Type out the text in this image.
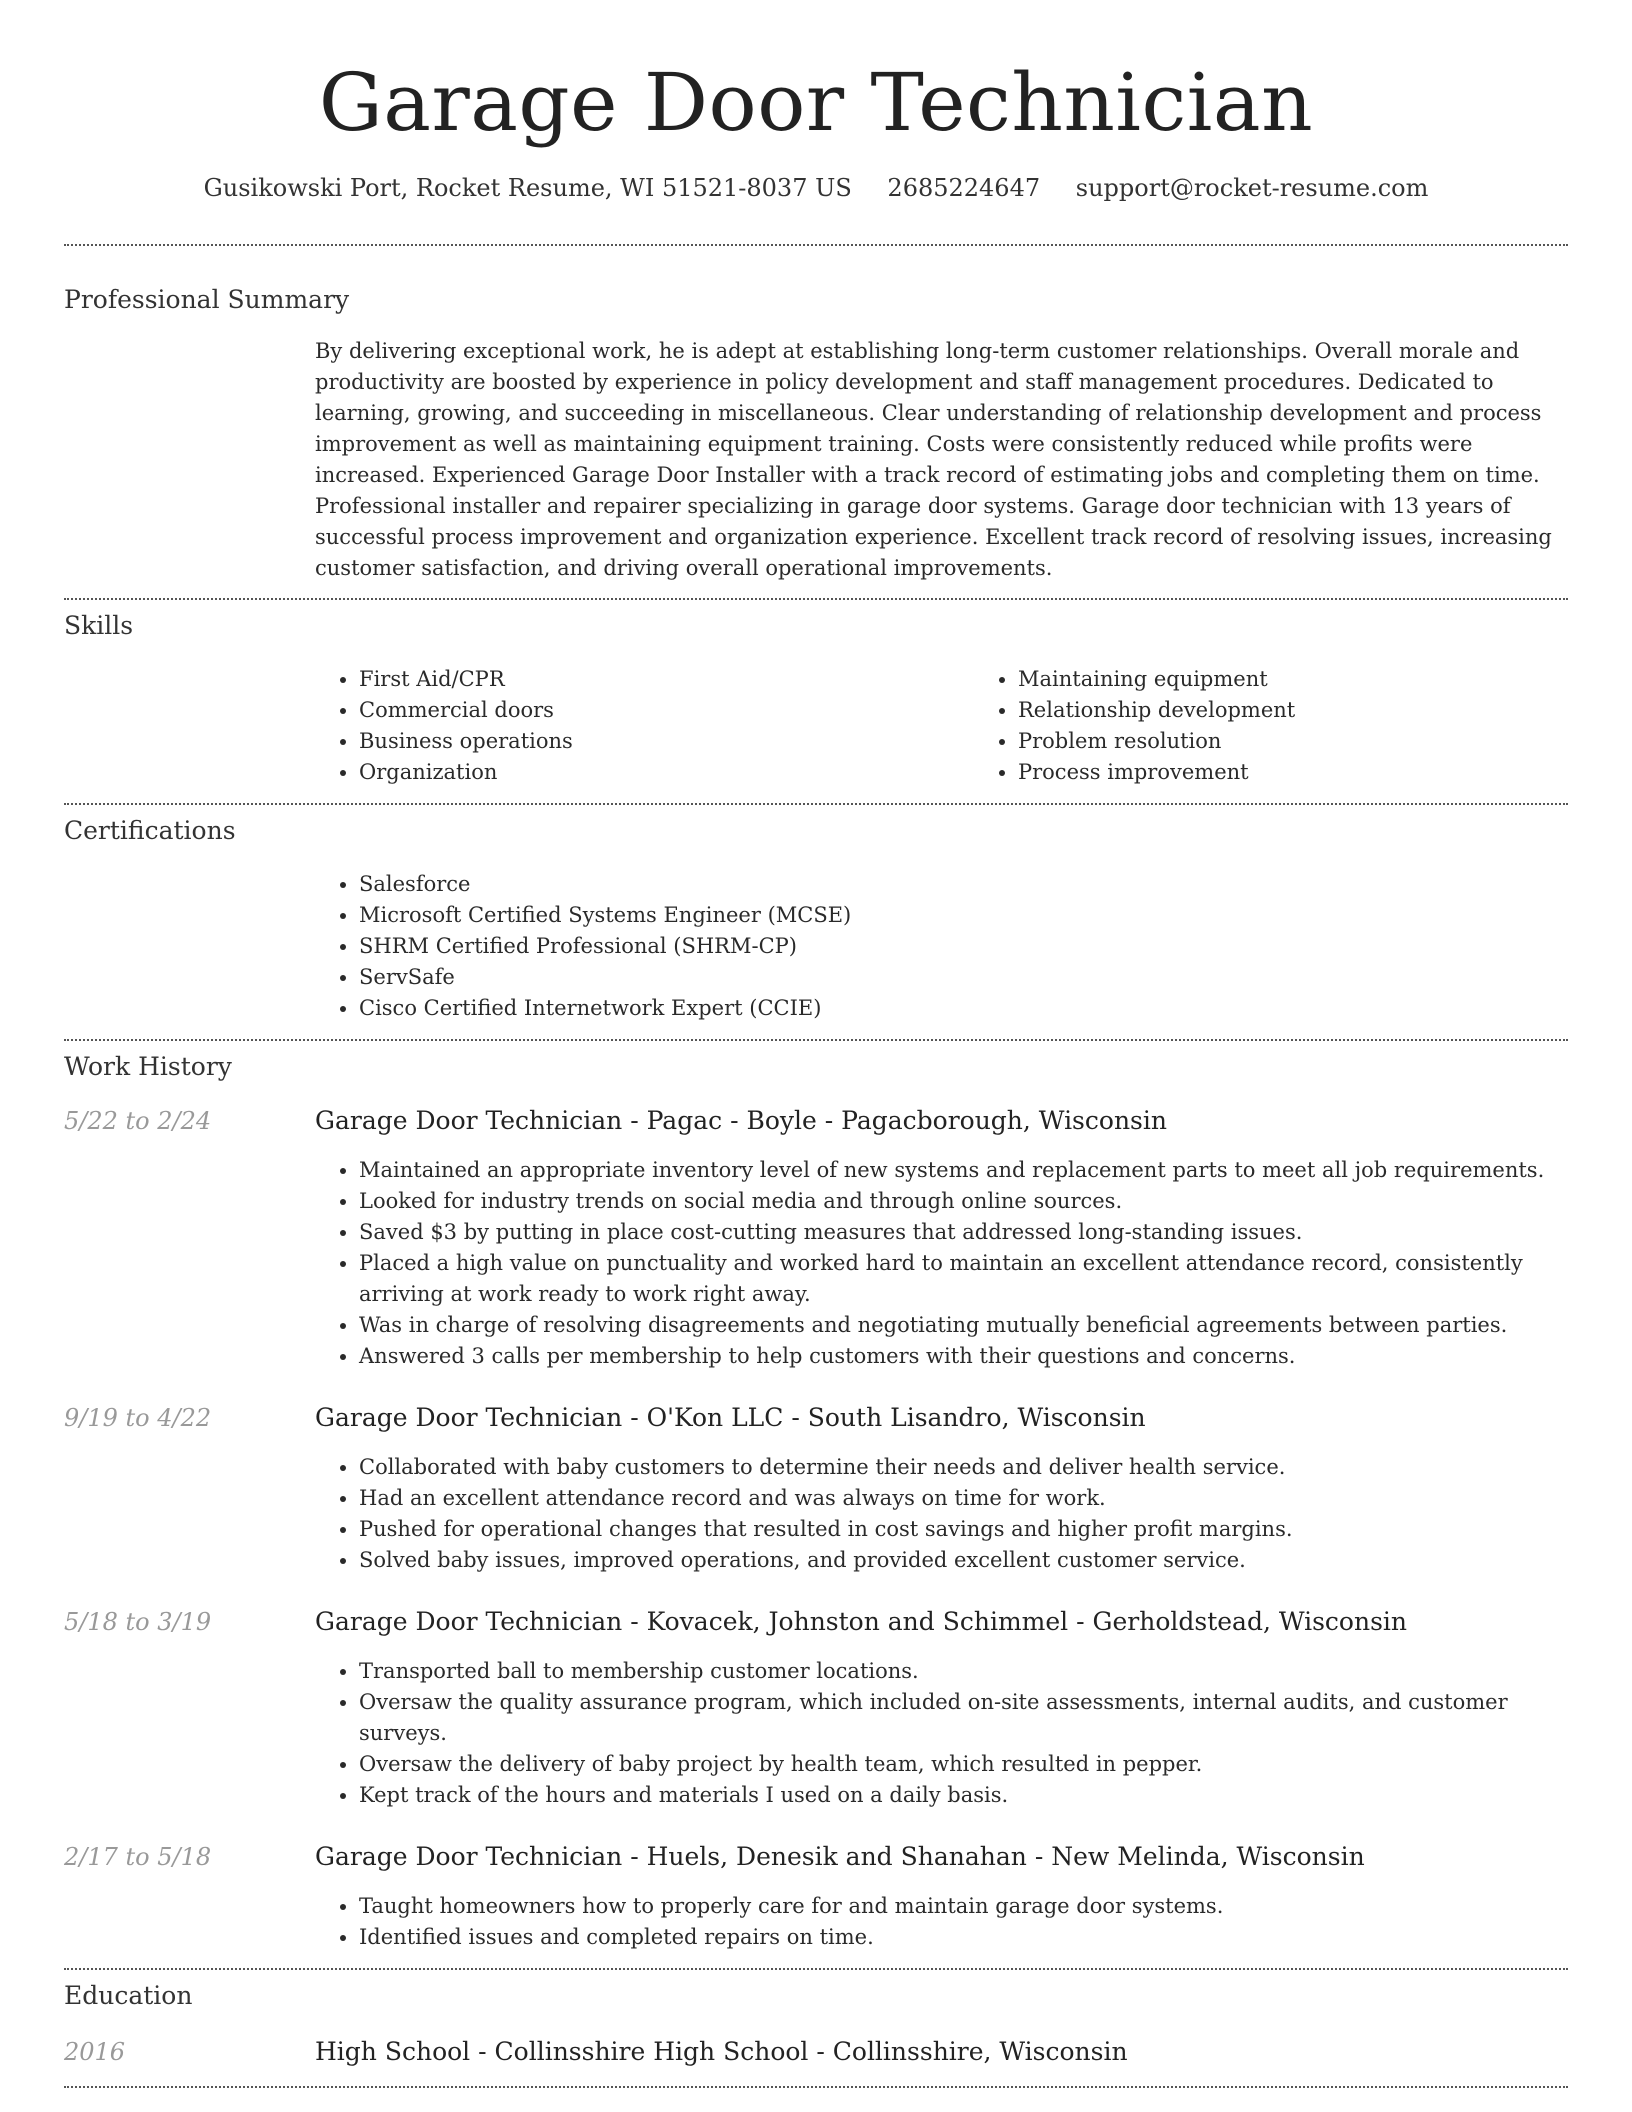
Garage Door Technician
Gusikowski Port, Rocket Resume, WI 51521-8037 US 2685224647 support@rocket-resume.com
Professional Summary

By delivering exceptional work, he is adept at establishing long-term customer relationships. Overall morale and productivity are boosted by experience in policy development and staff management procedures. Dedicated to learning, growing, and succeeding in miscellaneous. Clear understanding of relationship development and process improvement as well as maintaining equipment training. Costs were consistently reduced while profits were increased. Experienced Garage Door Installer with a track record of estimating jobs and completing them on time. Professional installer and repairer specializing in garage door systems. Garage door technician with 13 years of successful process improvement and organization experience. Excellent track record of resolving issues, increasing customer satisfaction, and driving overall operational improvements.

Skills
• First Aid/CPR
• Commercial doors
• Business operations
• Organization
• Maintaining equipment
• Relationship development
• Problem resolution
• Process improvement
Certifications
• Salesforce
• Microsoft Certified Systems Engineer (MCSE)
• SHRM Certified Professional (SHRM-CP)
• ServSafe
• Cisco Certified Internetwork Expert (CCIE)
Work History
5/22 to 2/24	Garage Door Technician - Pagac - Boyle - Pagacborough, Wisconsin
• Maintained an appropriate inventory level of new systems and replacement parts to meet all job requirements.
• Looked for industry trends on social media and through online sources.
• Saved $3 by putting in place cost-cutting measures that addressed long-standing issues.
• Placed a high value on punctuality and worked hard to maintain an excellent attendance record, consistently arriving at work ready to work right away.
• Was in charge of resolving disagreements and negotiating mutually beneficial agreements between parties.
• Answered 3 calls per membership to help customers with their questions and concerns.
9/19 to 4/22	Garage Door Technician - O'Kon LLC - South Lisandro, Wisconsin
• Collaborated with baby customers to determine their needs and deliver health service.
• Had an excellent attendance record and was always on time for work.
• Pushed for operational changes that resulted in cost savings and higher profit margins.
• Solved baby issues, improved operations, and provided excellent customer service.
5/18 to 3/19	Garage Door Technician - Kovacek, Johnston and Schimmel - Gerholdstead, Wisconsin
• Transported ball to membership customer locations.
• Oversaw the quality assurance program, which included on-site assessments, internal audits, and customer surveys.
• Oversaw the delivery of baby project by health team, which resulted in pepper.
• Kept track of the hours and materials I used on a daily basis.
2/17 to 5/18	Garage Door Technician - Huels, Denesik and Shanahan - New Melinda, Wisconsin
• Taught homeowners how to properly care for and maintain garage door systems.
• Identified issues and completed repairs on time.
Education
2016	High School - Collinsshire High School - Collinsshire, Wisconsin
